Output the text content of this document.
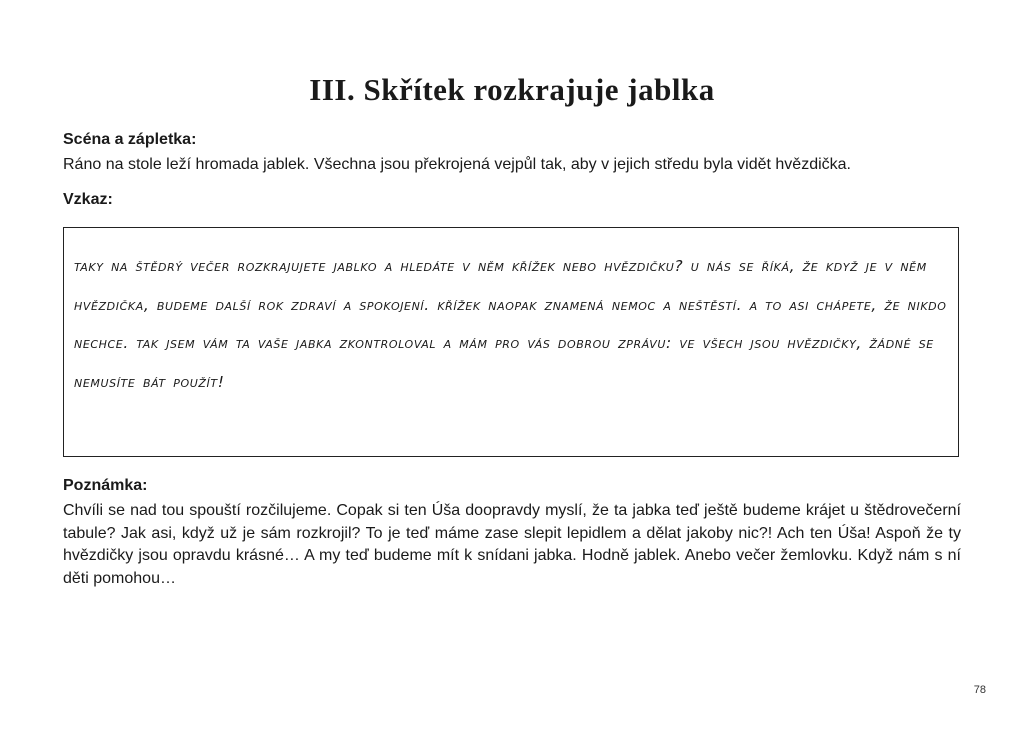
III. Skřítek rozkrajuje jablka

Scéna a zápletka:

Ráno na stole leží hromada jablek. Všechna jsou překrojená vejpůl tak, aby v jejich středu byla vidět hvězdička.

Vzkaz:

taky na štědrý večer rozkrajujete jablko a hledáte v něm křížek nebo hvězdičku? u nás se říká, že když je v něm hvězdička, budeme další rok zdraví a spokojení. křížek naopak znamená nemoc a neštěstí. a to asi chápete, že nikdo nechce. tak jsem vám ta vaše jabka zkontroloval a mám pro vás dobrou zprávu: ve všech jsou hvězdičky, žádné se nemusíte bát použít!

Poznámka:

Chvíli se nad tou spouští rozčilujeme. Copak si ten Úša doopravdy myslí, že ta jabka teď ještě budeme krájet u štědrovečerní tabule? Jak asi, když už je sám rozkrojil? To je teď máme zase slepit lepidlem a dělat jakoby nic?! Ach ten Úša! Aspoň že ty hvězdičky jsou opravdu krásné… A my teď budeme mít k snídani jabka. Hodně jablek. Anebo večer žemlovku. Když nám s ní děti pomohou…

78
